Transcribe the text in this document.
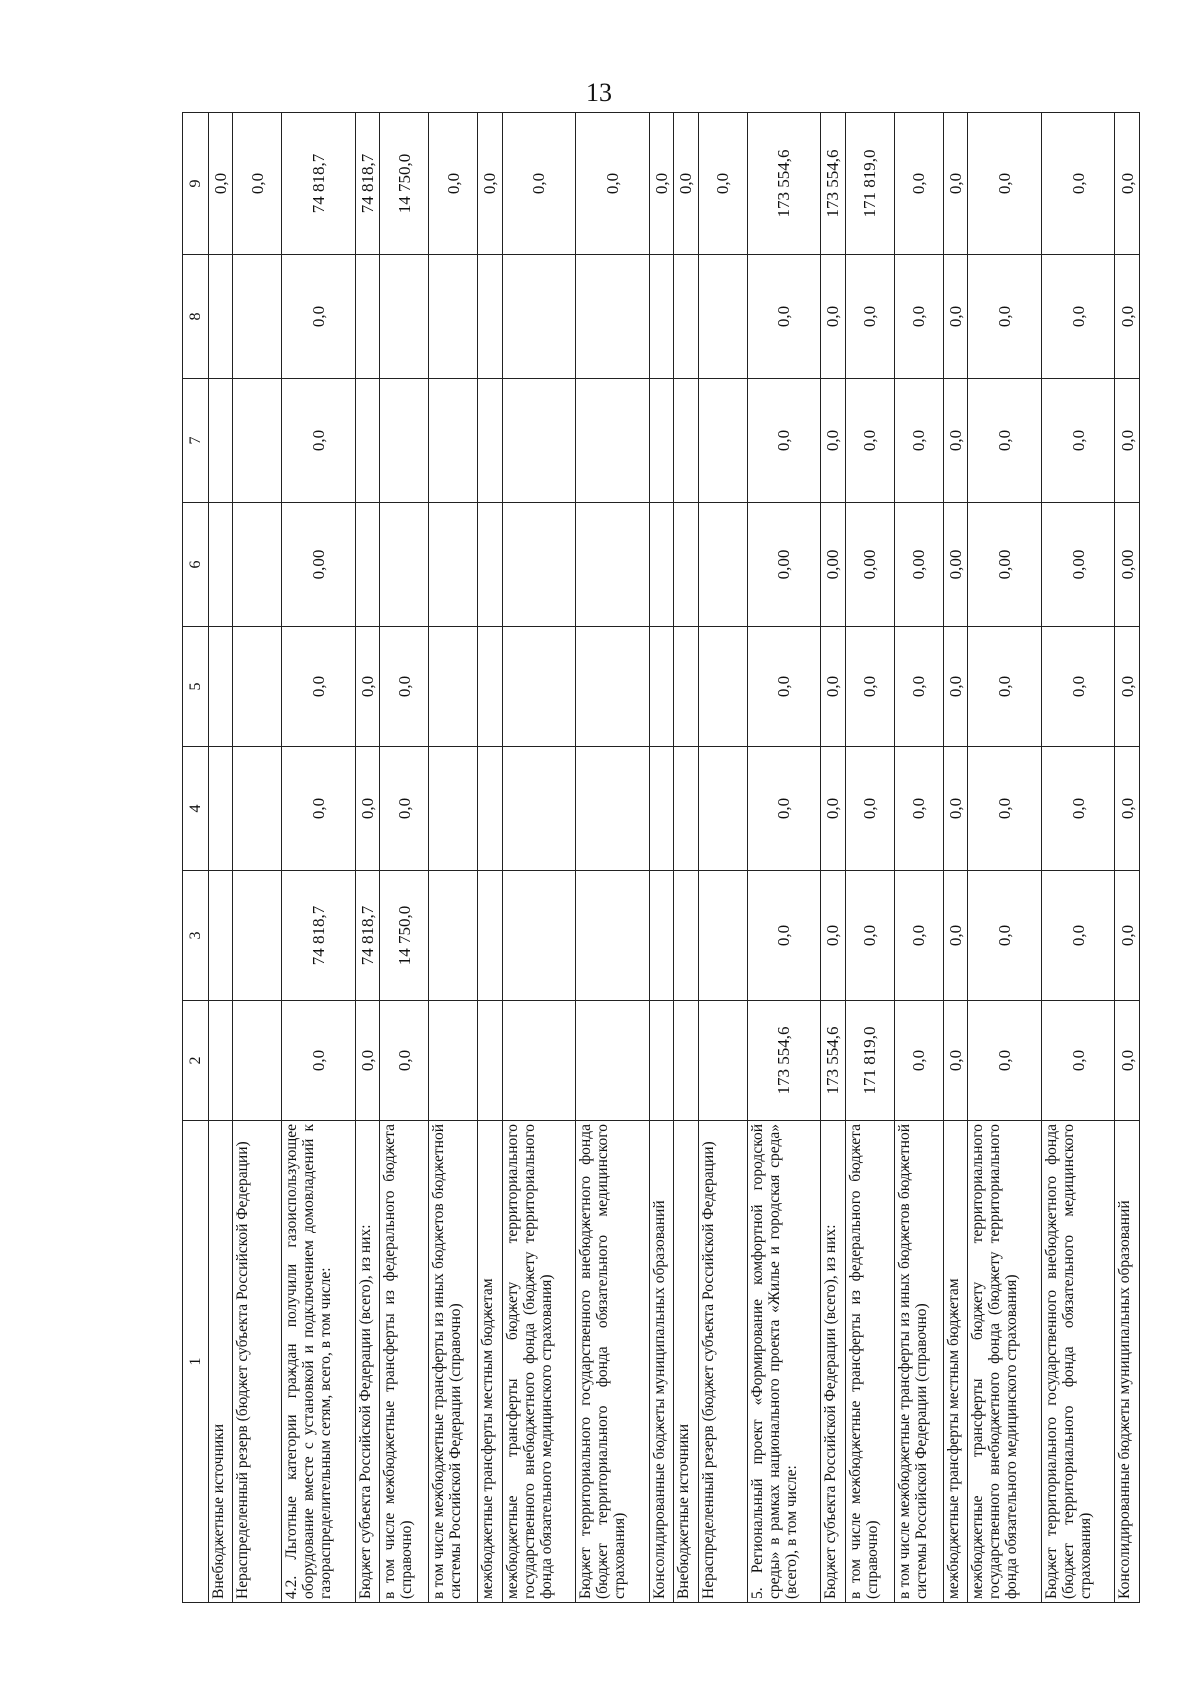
13
1	2	3	4	5	6	7	8	9
Внебюджетные источники								0,0
Нераспределенный резерв (бюджет субъекта Российской Федерации)								0,0
4.2. Льготные категории граждан получили газоиспользующее оборудование вместе с установкой и подключением домовладений к газораспределительным сетям, всего, в том числе:	0,0	74 818,7	0,0	0,0	0,00	0,0	0,0	74 818,7
Бюджет субъекта Российской Федерации (всего), из них:	0,0	74 818,7	0,0	0,0				74 818,7
в том числе межбюджетные трансферты из федерального бюджета (справочно)	0,0	14 750,0	0,0	0,0				14 750,0
в том числе межбюджетные трансферты из иных бюджетов бюджетной системы Российской Федерации (справочно)								0,0
межбюджетные трансферты местным бюджетам								0,0
межбюджетные трансферты бюджету территориального государственного внебюджетного фонда (бюджету территориального фонда обязательного медицинского страхования)								0,0
Бюджет территориального государственного внебюджетного фонда (бюджет территориального фонда обязательного медицинского страхования)								0,0
Консолидированные бюджеты муниципальных образований								0,0
Внебюджетные источники								0,0
Нераспределенный резерв (бюджет субъекта Российской Федерации)								0,0
5. Региональный проект «Формирование комфортной городской среды» в рамках национального проекта «Жилье и городская среда» (всего), в том числе:	173 554,6	0,0	0,0	0,0	0,00	0,0	0,0	173 554,6
Бюджет субъекта Российской Федерации (всего), из них:	173 554,6	0,0	0,0	0,0	0,00	0,0	0,0	173 554,6
в том числе межбюджетные трансферты из федерального бюджета (справочно)	171 819,0	0,0	0,0	0,0	0,00	0,0	0,0	171 819,0
в том числе межбюджетные трансферты из иных бюджетов бюджетной системы Российской Федерации (справочно)	0,0	0,0	0,0	0,0	0,00	0,0	0,0	0,0
межбюджетные трансферты местным бюджетам	0,0	0,0	0,0	0,0	0,00	0,0	0,0	0,0
межбюджетные трансферты бюджету территориального государственного внебюджетного фонда (бюджету территориального фонда обязательного медицинского страхования)	0,0	0,0	0,0	0,0	0,00	0,0	0,0	0,0
Бюджет территориального государственного внебюджетного фонда (бюджет территориального фонда обязательного медицинского страхования)	0,0	0,0	0,0	0,0	0,00	0,0	0,0	0,0
Консолидированные бюджеты муниципальных образований	0,0	0,0	0,0	0,0	0,00	0,0	0,0	0,0
